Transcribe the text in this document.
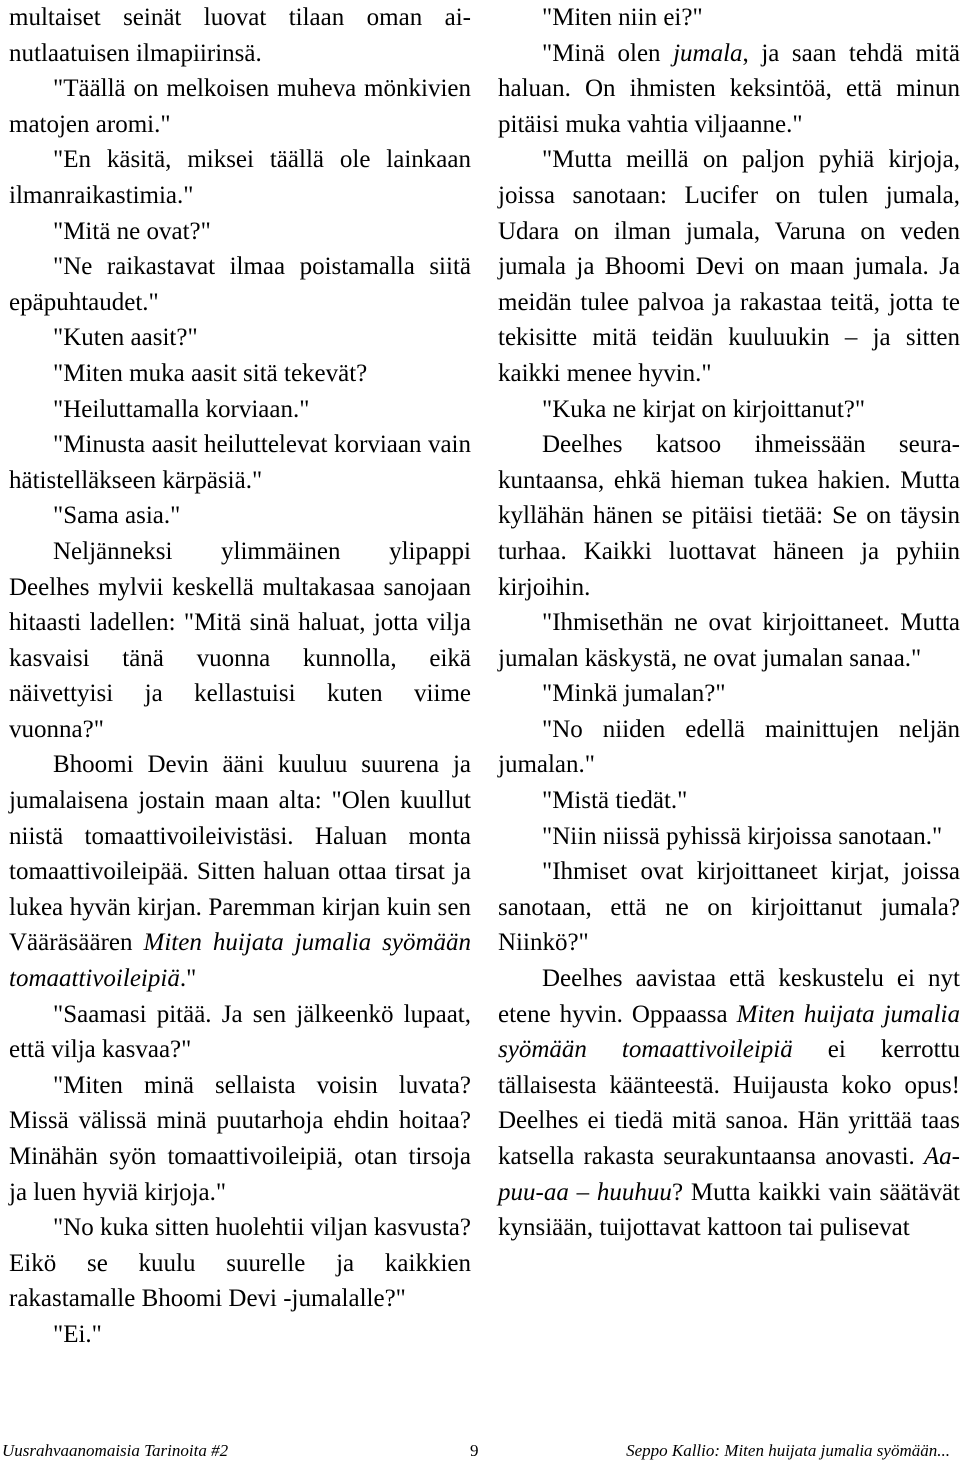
multaiset seinät luovat tilaan oman ainutlaatuisen ilmapiirinsä.

"Täällä on melkoisen muheva mönkivien matojen aromi."

"En käsitä, miksei täällä ole lainkaan ilmanraikastimia."

"Mitä ne ovat?"

"Ne raikastavat ilmaa poistamalla siitä epäpuhtaudet."

"Kuten aasit?"

"Miten muka aasit sitä tekevät?

"Heiluttamalla korviaan."

"Minusta aasit heiluttelevat korviaan vain hätistelläkseen kärpäsiä."

"Sama asia."

Neljänneksi ylimmäinen ylipappi Deelhes mylvii keskellä multakasaa sanojaan hitaasti ladellen: "Mitä sinä haluat, jotta vilja kasvaisi tänä vuonna kunnolla, eikä näivettyisi ja kellastuisi kuten viime vuonna?"

Bhoomi Devin ääni kuuluu suurena ja jumalaisena jostain maan alta: "Olen kuullut niistä tomaattivoileivistäsi. Haluan monta tomaattivoileipää. Sitten haluan ottaa tirsat ja lukea hyvän kirjan. Paremman kirjan kuin sen Vääräsäären Miten huijata jumalia syömään tomaattivoileipiä."

"Saamasi pitää. Ja sen jälkeenkö lupaat, että vilja kasvaa?"

"Miten minä sellaista voisin luvata? Missä välissä minä puutarhoja ehdin hoitaa? Minähän syön tomaattivoileipiä, otan tirsoja ja luen hyviä kirjoja."

"No kuka sitten huolehtii viljan kasvusta? Eikö se kuulu suurelle ja kaikkien rakastamalle Bhoomi Devi -jumalalle?"

"Ei."

"Miten niin ei?"

"Minä olen jumala, ja saan tehdä mitä haluan. On ihmisten keksintöä, että minun pitäisi muka vahtia viljaanne."

"Mutta meillä on paljon pyhiä kirjoja, joissa sanotaan: Lucifer on tulen jumala, Udara on ilman jumala, Varuna on veden jumala ja Bhoomi Devi on maan jumala. Ja meidän tulee palvoa ja rakastaa teitä, jotta te tekisitte mitä teidän kuuluukin – ja sitten kaikki menee hyvin."

"Kuka ne kirjat on kirjoittanut?"

Deelhes katsoo ihmeissään seurakuntaansa, ehkä hieman tukea hakien. Mutta kyllähän hänen se pitäisi tietää: Se on täysin turhaa. Kaikki luottavat häneen ja pyhiin kirjoihin.

"Ihmisethän ne ovat kirjoittaneet. Mutta jumalan käskystä, ne ovat jumalan sanaa."

"Minkä jumalan?"

"No niiden edellä mainittujen neljän jumalan."

"Mistä tiedät."

"Niin niissä pyhissä kirjoissa sanotaan."

"Ihmiset ovat kirjoittaneet kirjat, joissa sanotaan, että ne on kirjoittanut jumala? Niinkö?"

Deelhes aavistaa että keskustelu ei nyt etene hyvin. Oppaassa Miten huijata jumalia syömään tomaattivoileipiä ei kerrottu tällaisesta käänteestä. Huijausta koko opus! Deelhes ei tiedä mitä sanoa. Hän yrittää taas katsella rakasta seurakuntaansa anovasti. Aa-puu-aa – huuhuu? Mutta kaikki vain säätävät kynsiään, tuijottavat kattoon tai pulisevat

Uusrahvaanomaisia Tarinoita #2	9	Seppo Kallio: Miten huijata jumalia syömään...
